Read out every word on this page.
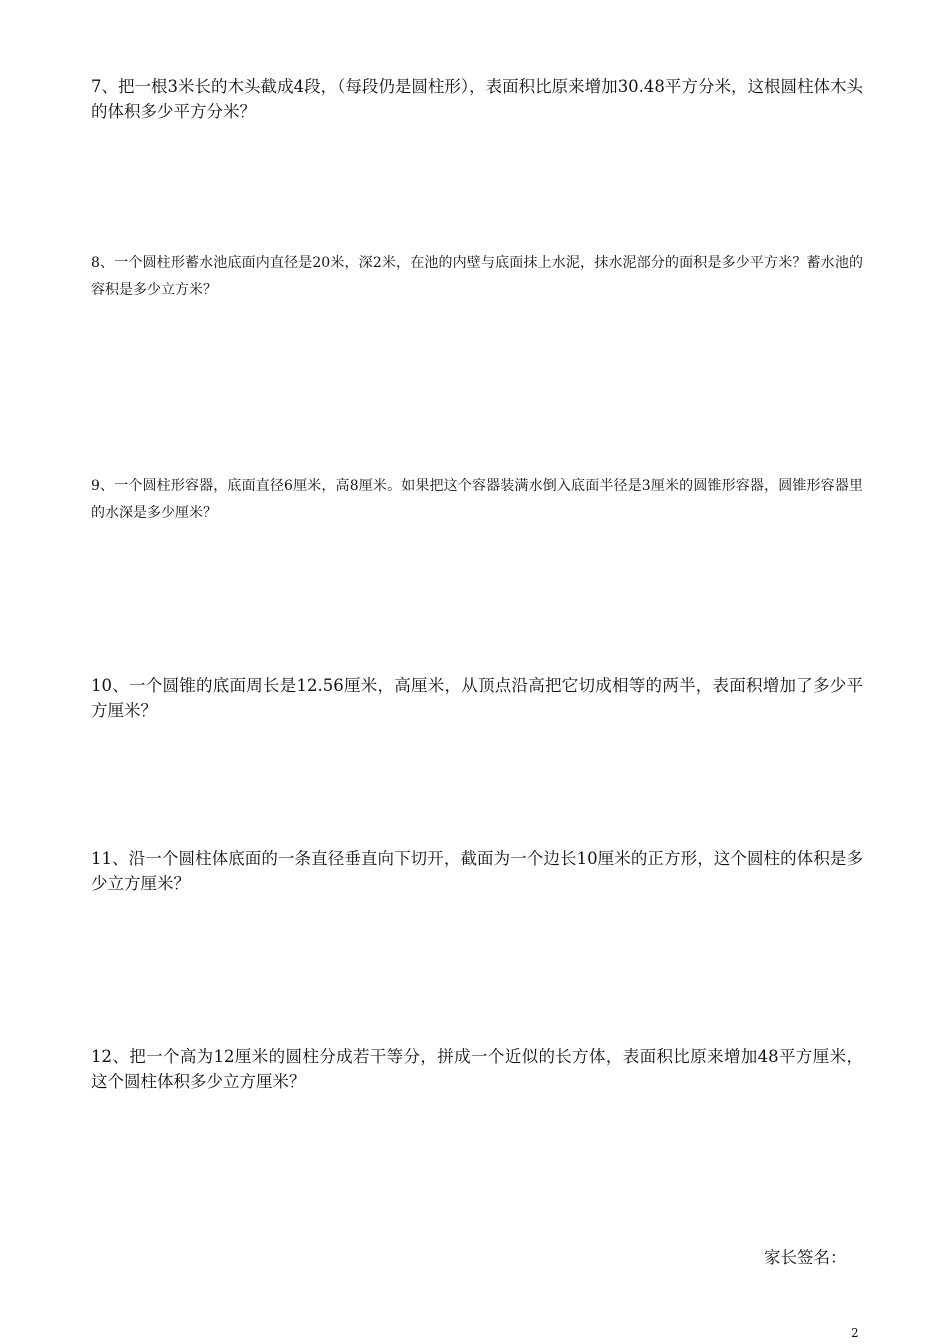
7、把一根3米长的木头截成4段，（每段仍是圆柱形），表面积比原来增加30.48平方分米，这根圆柱体木头的体积多少平方分米？

8、一个圆柱形蓄水池底面内直径是20米，深2米，在池的内壁与底面抹上水泥，抹水泥部分的面积是多少平方米？蓄水池的容积是多少立方米？

9、一个圆柱形容器，底面直径6厘米，高8厘米。如果把这个容器装满水倒入底面半径是3厘米的圆锥形容器，圆锥形容器里的水深是多少厘米？

10、一个圆锥的底面周长是12.56厘米，高厘米，从顶点沿高把它切成相等的两半，表面积增加了多少平方厘米？

11、沿一个圆柱体底面的一条直径垂直向下切开，截面为一个边长10厘米的正方形，这个圆柱的体积是多少立方厘米？

12、把一个高为12厘米的圆柱分成若干等分，拼成一个近似的长方体，表面积比原来增加48平方厘米，这个圆柱体积多少立方厘米？

家长签名：

2
